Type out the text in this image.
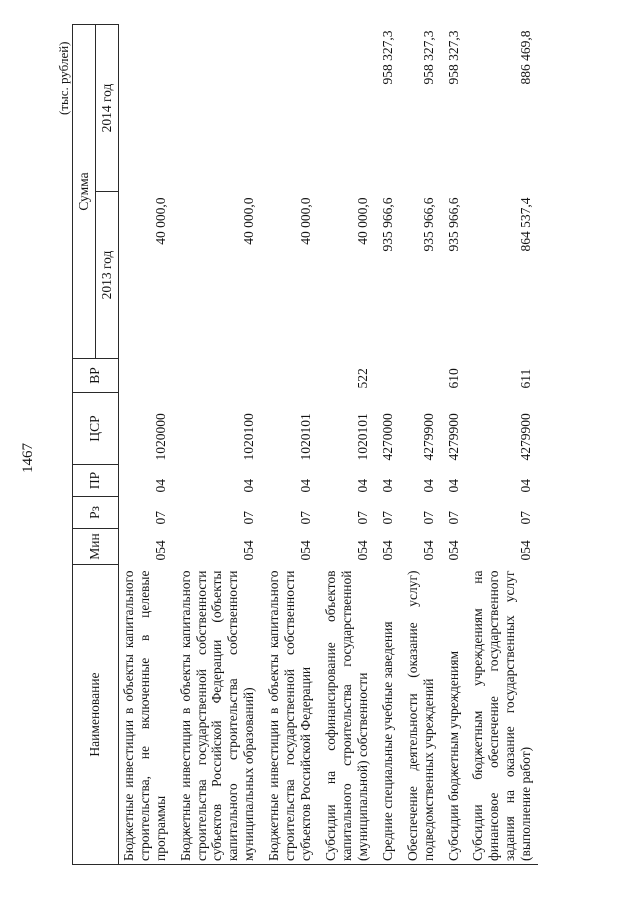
1467
(тыс. рублей)
Наименование	Мин	Рз	ПР	ЦСР	ВР	Сумма	
						2013 год	2014 год
Бюджетные инвестиции в объекты капитального строительства, не включенные в целевые программы	054	07	04	1020000		40 000,0	
Бюджетные инвестиции в объекты капитального строительства государственной собственности субъектов Российской Федерации (объекты капитального строительства собственности муниципальных образований)	054	07	04	1020100		40 000,0	
Бюджетные инвестиции в объекты капитального строительства государственной собственности субъектов Российской Федерации	054	07	04	1020101		40 000,0	
Субсидии на софинансирование объектов капитального строительства государственной (муниципальной) собственности	054	07	04	1020101	522	40 000,0	
Средние специальные учебные заведения	054	07	04	4270000		935 966,6	958 327,3
Обеспечение деятельности (оказание услуг) подведомственных учреждений	054	07	04	4279900		935 966,6	958 327,3
Субсидии бюджетным учреждениям	054	07	04	4279900	610	935 966,6	958 327,3
Субсидии бюджетным учреждениям на финансовое обеспечение государственного задания на оказание государственных услуг (выполнение работ)	054	07	04	4279900	611	864 537,4	886 469,8
